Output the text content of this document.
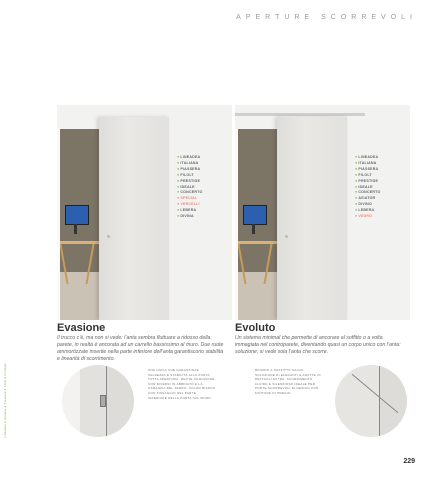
APERTURE SCORREVOLI
● LINEADEA
● ITALIANA
● PIASSERA
● FILOLT
● PRESTIGE
● IDEALE
● CONCERTO
● SPECIAL
● VERCELLI
● LEBERA
● DIVINA
● LINEADEA
● ITALIANA
● PIASSERA
● FILOLT
● PRESTIGE
● IDEALE
● CONCERTO
● AVIATOR
● DIVINO
● LEBERA
● VEDRO
Evasione
Il trucco c’è, ma non si vede: l’anta sembra fluttuare a ridosso della parete, in realtà è ancorata ad un carrello bassissimo al muro. Due ruote ammortizzate inserite nella parte inferiore dell’anta garantiscono stabilità e linearità di scorrimento.
Evoluto
Un sistema minimal che permette di ancorare al soffitto o a volta immagiata nel controparete, diventando quasi un corpo unico con l’anta: soluzione; si vede sola l’anta che scorre.
UNA UNICA CHE GARANTISCE SALDEZZA E STABILITÀ ALLA PORTA TUTTA APERTURA. RUOTE SILENZIOSE CON DIVERSI IN ABBINATO E LA GARANZIA DEL TEMPO. COLOR BIANCO CON FISSAGGIO NEL PARTE INFERIORE DELLA PORTA SUL MURO.
BINARIO A SOFFITTO SALDO. SOLUZIONE DI ELEGANTI E ADATTE IN DETTAGLI EXTRA. SCORRIMENTO FLUIDO E SILENZIOSO IDEALE PER PORTE SCORREVOLI DI DESIGN CON FINITURE DI PREGIO.
Lineadea ● Italiana ● Piassera ● Filolt ● Prestige
229
